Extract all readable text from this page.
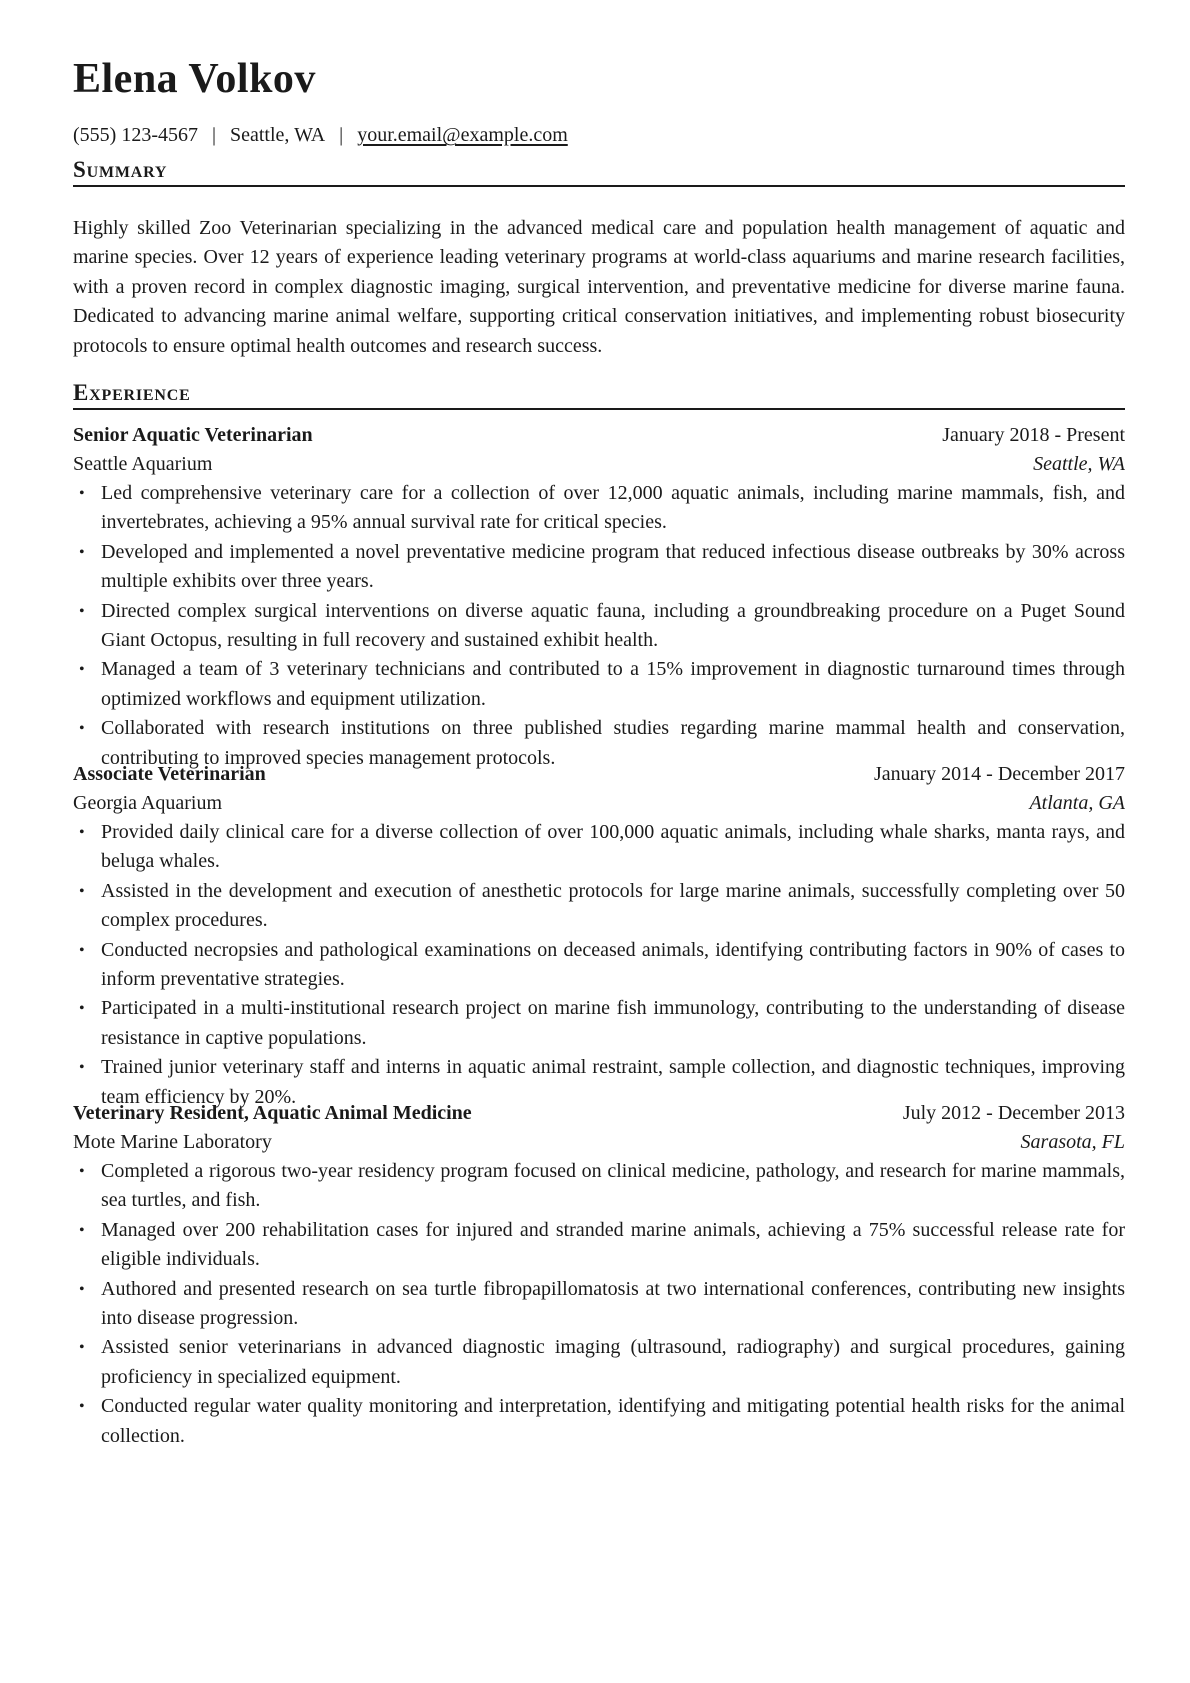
Elena Volkov
(555) 123-4567 | Seattle, WA | your.email@example.com
Summary
Highly skilled Zoo Veterinarian specializing in the advanced medical care and population health management of aquatic and marine species. Over 12 years of experience leading veterinary programs at world-class aquariums and marine research facilities, with a proven record in complex diagnostic imaging, surgical intervention, and preventative medicine for diverse marine fauna. Dedicated to advancing marine animal welfare, supporting critical conservation initiatives, and implementing robust biosecurity protocols to ensure optimal health outcomes and research success.
Experience
Senior Aquatic Veterinarian	January 2018 - Present
Seattle Aquarium	Seattle, WA
• Led comprehensive veterinary care for a collection of over 12,000 aquatic animals, including marine mammals, fish, and invertebrates, achieving a 95% annual survival rate for critical species.
• Developed and implemented a novel preventative medicine program that reduced infectious disease outbreaks by 30% across multiple exhibits over three years.
• Directed complex surgical interventions on diverse aquatic fauna, including a groundbreaking procedure on a Puget Sound Giant Octopus, resulting in full recovery and sustained exhibit health.
• Managed a team of 3 veterinary technicians and contributed to a 15% improvement in diagnostic turnaround times through optimized workflows and equipment utilization.
• Collaborated with research institutions on three published studies regarding marine mammal health and conservation, contributing to improved species management protocols.
Associate Veterinarian	January 2014 - December 2017
Georgia Aquarium	Atlanta, GA
• Provided daily clinical care for a diverse collection of over 100,000 aquatic animals, including whale sharks, manta rays, and beluga whales.
• Assisted in the development and execution of anesthetic protocols for large marine animals, successfully completing over 50 complex procedures.
• Conducted necropsies and pathological examinations on deceased animals, identifying contributing factors in 90% of cases to inform preventative strategies.
• Participated in a multi-institutional research project on marine fish immunology, contributing to the understanding of disease resistance in captive populations.
• Trained junior veterinary staff and interns in aquatic animal restraint, sample collection, and diagnostic techniques, improving team efficiency by 20%.
Veterinary Resident, Aquatic Animal Medicine	July 2012 - December 2013
Mote Marine Laboratory	Sarasota, FL
• Completed a rigorous two-year residency program focused on clinical medicine, pathology, and research for marine mammals, sea turtles, and fish.
• Managed over 200 rehabilitation cases for injured and stranded marine animals, achieving a 75% successful release rate for eligible individuals.
• Authored and presented research on sea turtle fibropapillomatosis at two international conferences, contributing new insights into disease progression.
• Assisted senior veterinarians in advanced diagnostic imaging (ultrasound, radiography) and surgical procedures, gaining proficiency in specialized equipment.
• Conducted regular water quality monitoring and interpretation, identifying and mitigating potential health risks for the animal collection.
